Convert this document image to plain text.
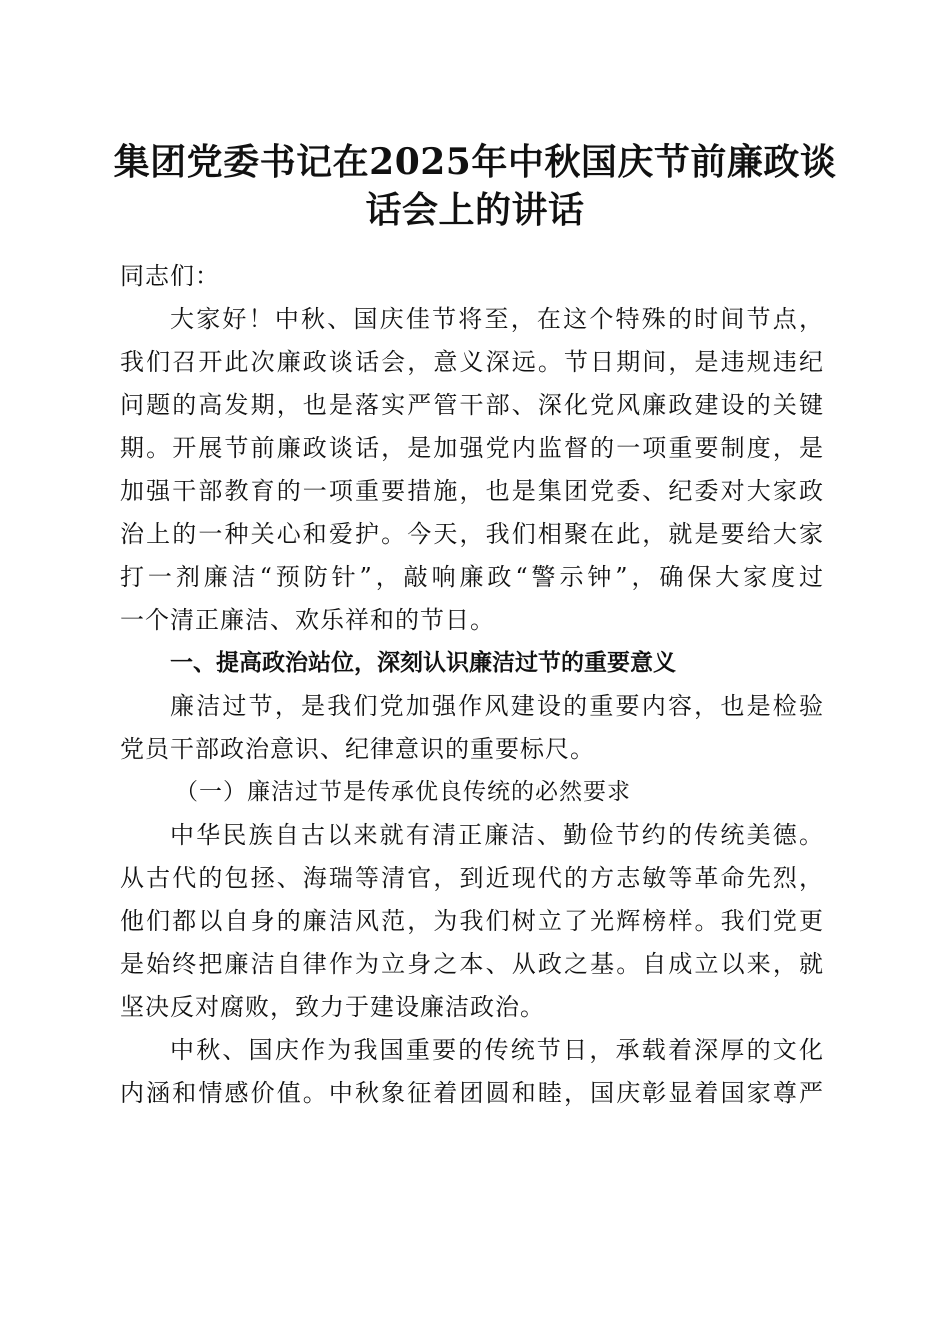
集团党委书记在2025年中秋国庆节前廉政谈
话会上的讲话
同志们：
大家好！中秋、国庆佳节将至，在这个特殊的时间节点，
我们召开此次廉政谈话会，意义深远。节日期间，是违规违纪
问题的高发期，也是落实严管干部、深化党风廉政建设的关键
期。开展节前廉政谈话，是加强党内监督的一项重要制度，是
加强干部教育的一项重要措施，也是集团党委、纪委对大家政
治上的一种关心和爱护。今天，我们相聚在此，就是要给大家
打一剂廉洁“预防针”，敲响廉政“警示钟”，确保大家度过
一个清正廉洁、欢乐祥和的节日。
一、提高政治站位，深刻认识廉洁过节的重要意义
廉洁过节，是我们党加强作风建设的重要内容，也是检验
党员干部政治意识、纪律意识的重要标尺。
（一）廉洁过节是传承优良传统的必然要求
中华民族自古以来就有清正廉洁、勤俭节约的传统美德。
从古代的包拯、海瑞等清官，到近现代的方志敏等革命先烈，
他们都以自身的廉洁风范，为我们树立了光辉榜样。我们党更
是始终把廉洁自律作为立身之本、从政之基。自成立以来，就
坚决反对腐败，致力于建设廉洁政治。
中秋、国庆作为我国重要的传统节日，承载着深厚的文化
内涵和情感价值。中秋象征着团圆和睦，国庆彰显着国家尊严
